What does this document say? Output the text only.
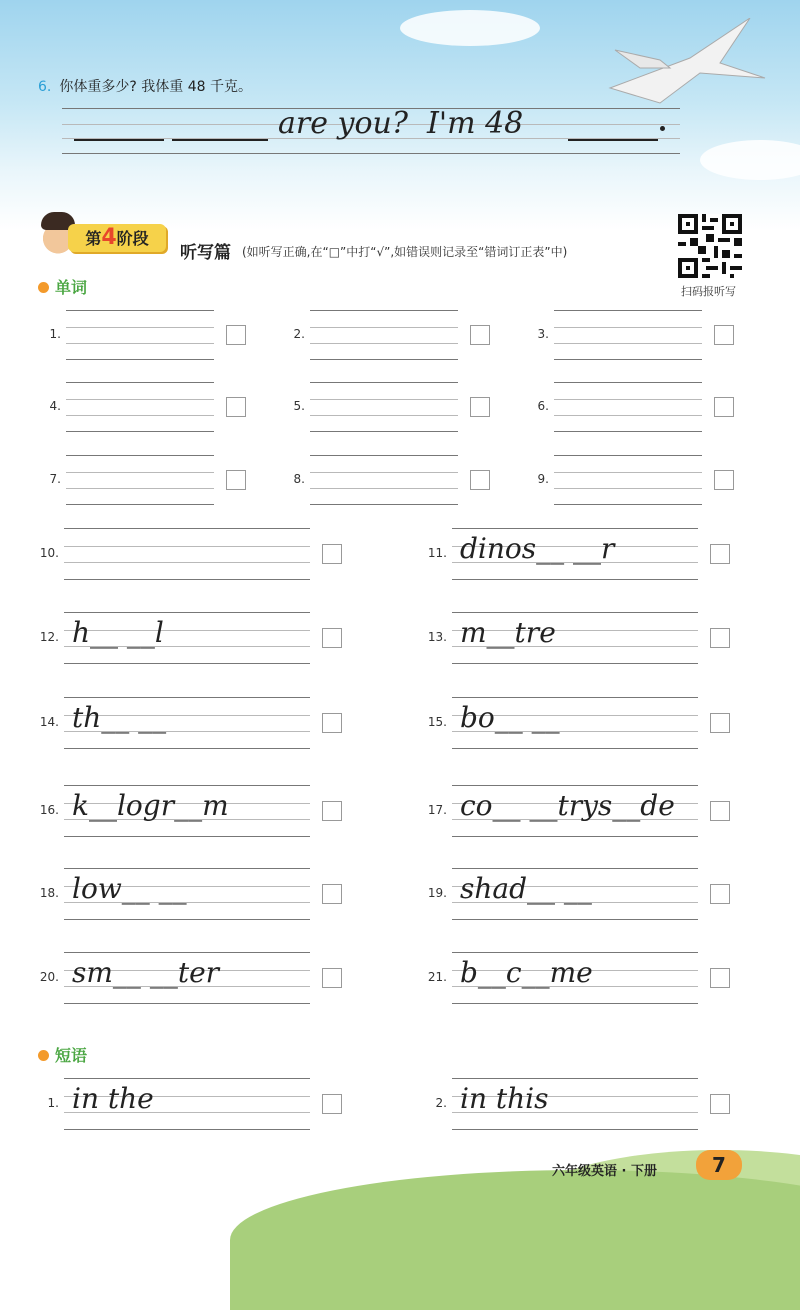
6. 你体重多少? 我体重 48 千克。
are you?  I'm 48
第4阶段
听写篇 (如听写正确,在“□”中打“√”,如错误则记录至“错词订正表”中)
扫码报听写
单词
1.	2.	3.
4.	5.	6.
7.	8.	9.
10.	11. dinos__ __r
12. h__ __l	13. m__tre
14. th__ __	15. bo__ __
16. k__logr__m	17. co__ __trys__de
18. low__ __	19. shad__ __
20. sm__ __ter	21. b__c__me
短语
1. in the	2. in this
六年级英语 · 下册	7
